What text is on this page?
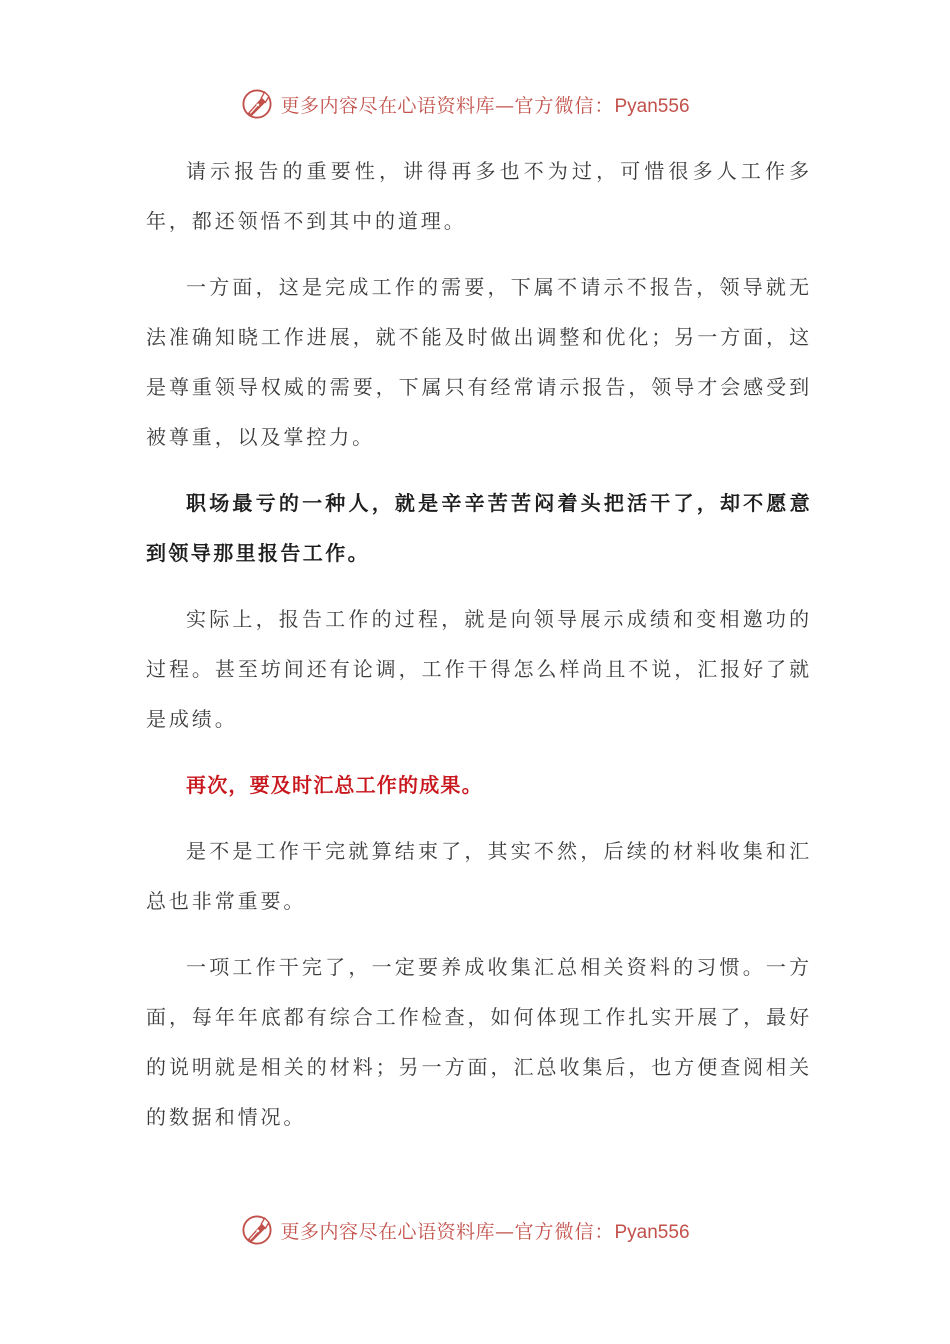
更多内容尽在心语资料库—官方微信：Pyan556

请示报告的重要性，讲得再多也不为过，可惜很多人工作多年，都还领悟不到其中的道理。

一方面，这是完成工作的需要，下属不请示不报告，领导就无法准确知晓工作进展，就不能及时做出调整和优化；另一方面，这是尊重领导权威的需要，下属只有经常请示报告，领导才会感受到被尊重，以及掌控力。

职场最亏的一种人，就是辛辛苦苦闷着头把活干了，却不愿意到领导那里报告工作。

实际上，报告工作的过程，就是向领导展示成绩和变相邀功的过程。甚至坊间还有论调，工作干得怎么样尚且不说，汇报好了就是成绩。

再次，要及时汇总工作的成果。

是不是工作干完就算结束了，其实不然，后续的材料收集和汇总也非常重要。

一项工作干完了，一定要养成收集汇总相关资料的习惯。一方面，每年年底都有综合工作检查，如何体现工作扎实开展了，最好的说明就是相关的材料；另一方面，汇总收集后，也方便查阅相关的数据和情况。

更多内容尽在心语资料库—官方微信：Pyan556
